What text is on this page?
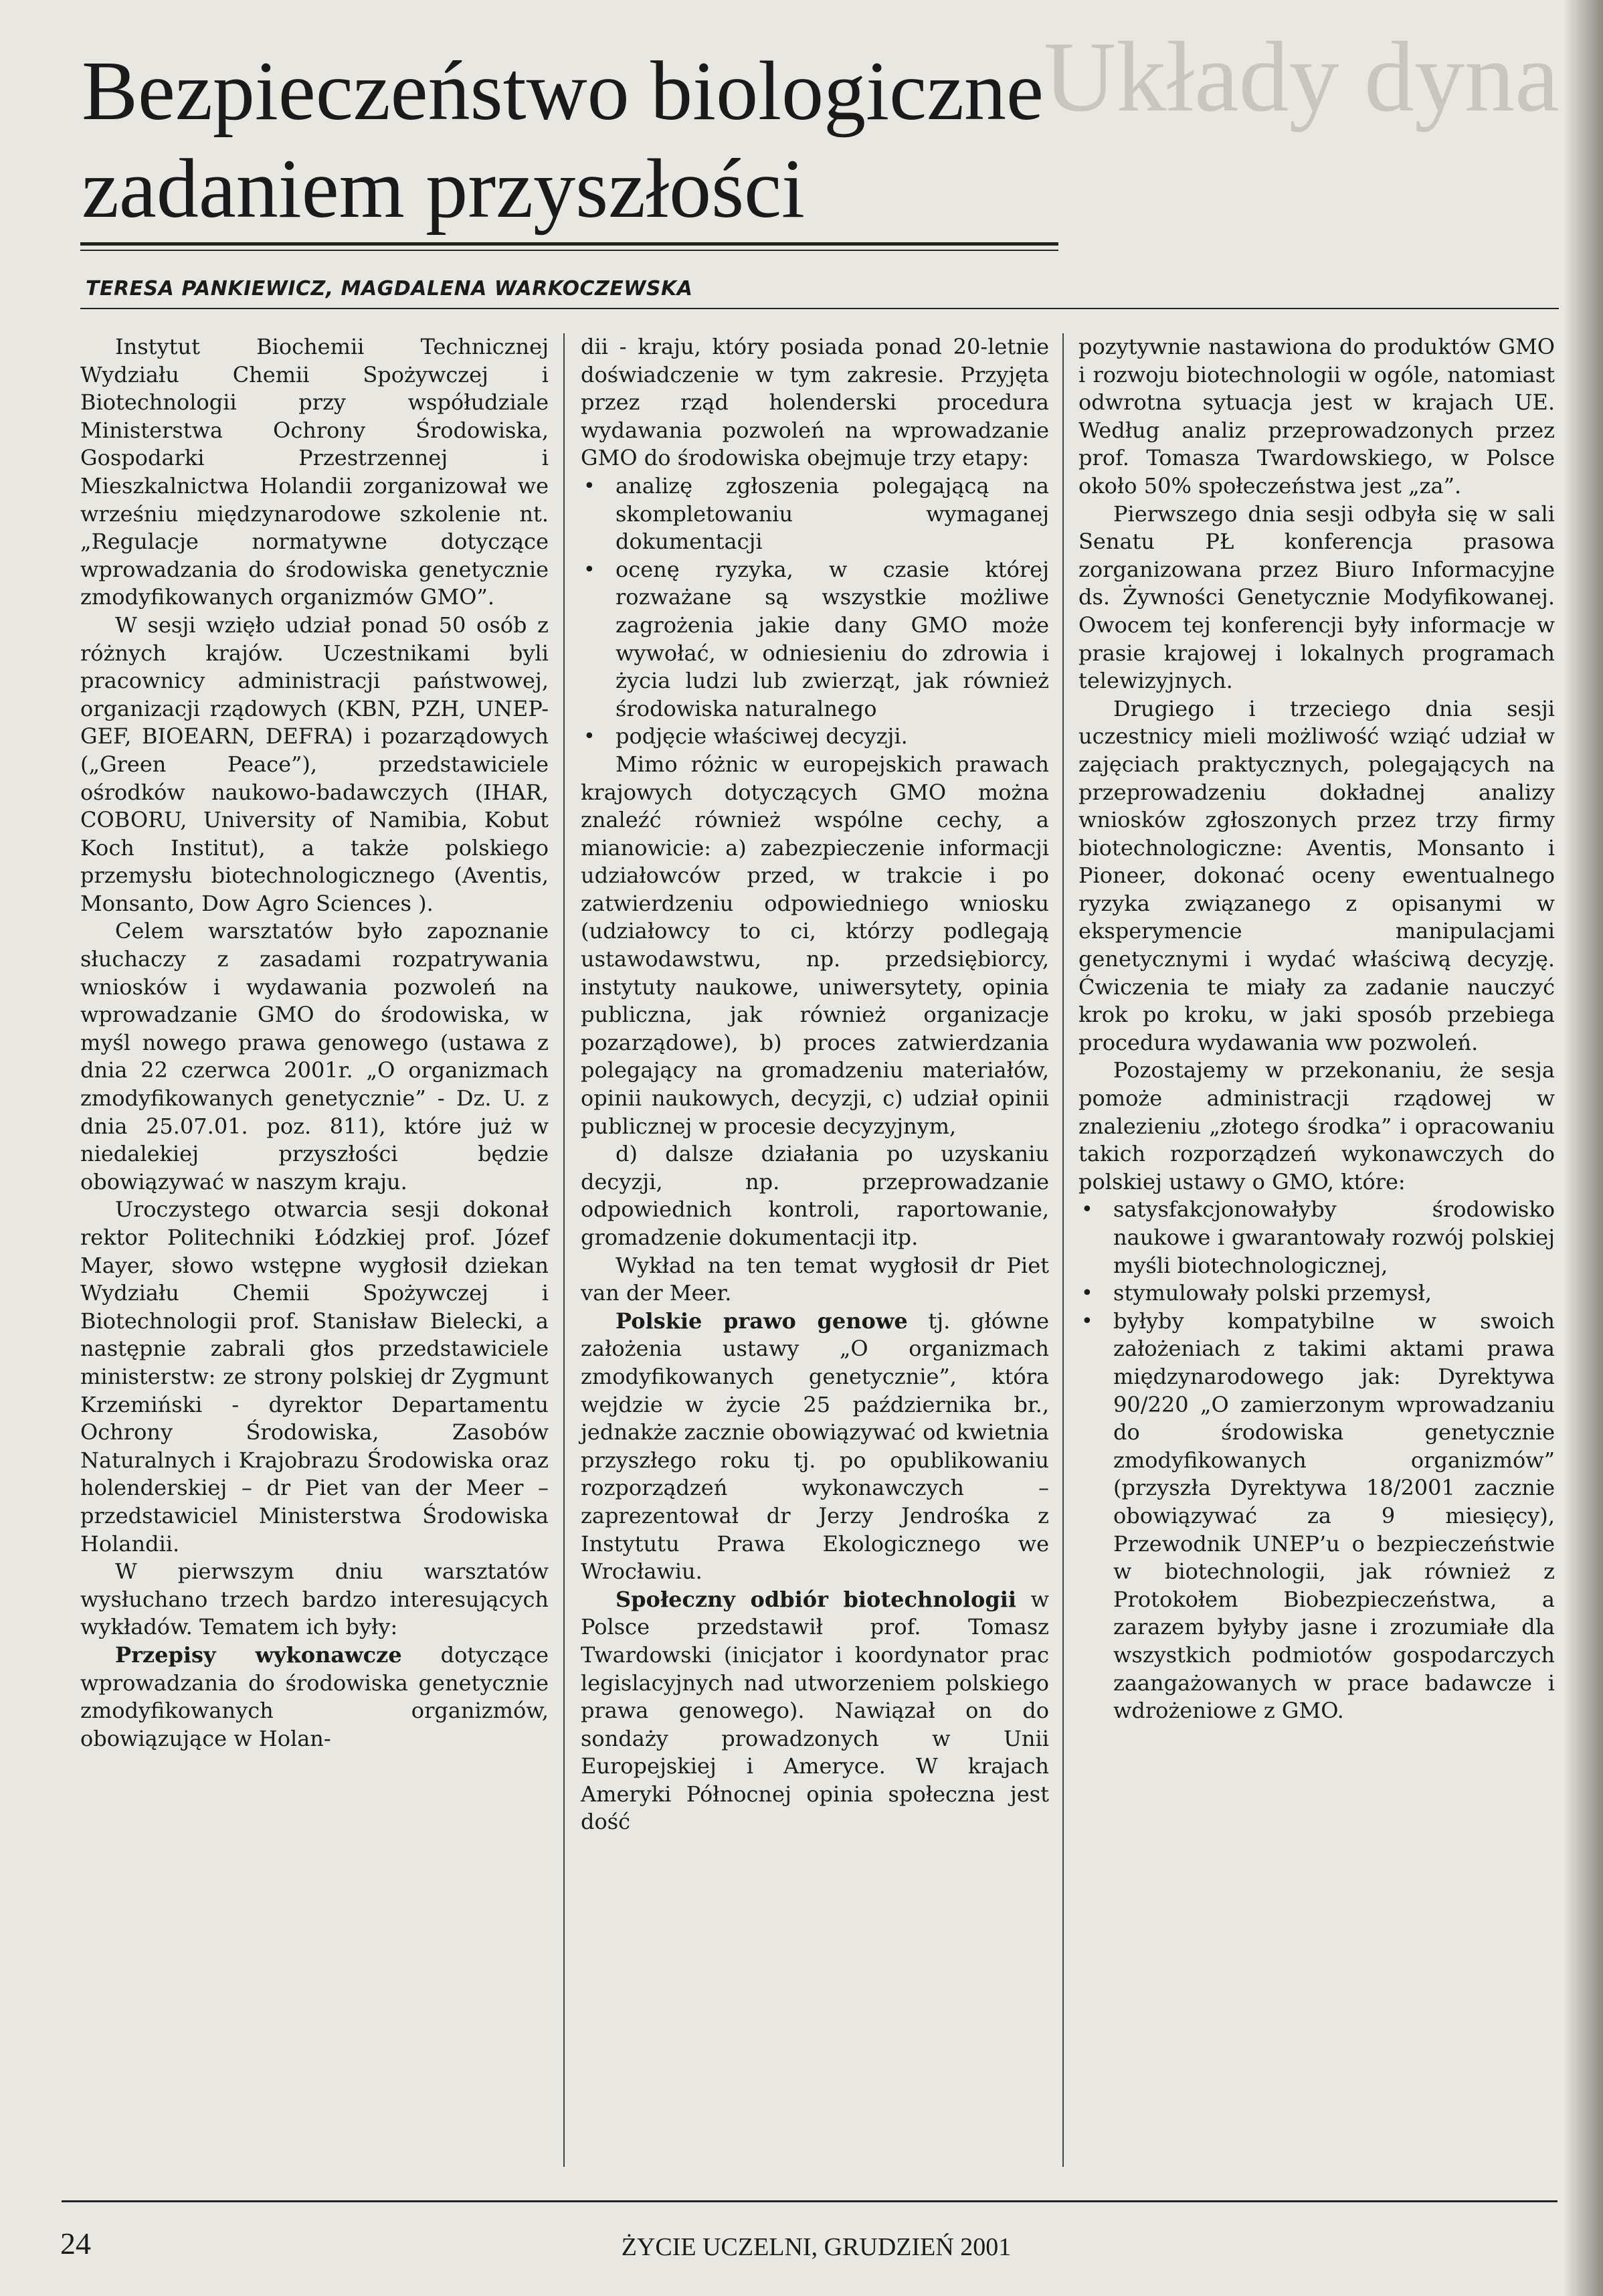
Układy dyna
Bezpieczeństwo biologiczne
zadaniem przyszłości
TERESA PANKIEWICZ, MAGDALENA WARKOCZEWSKA

Instytut Biochemii Technicznej Wydziału Chemii Spożywczej i Biotechnologii przy współudziale Ministerstwa Ochrony Środowiska, Gospodarki Przestrzennej i Mieszkalnictwa Holandii zorganizował we wrześniu międzynarodowe szkolenie nt. „Regulacje normatywne dotyczące wprowadzania do środowiska genetycznie zmodyfikowanych organizmów GMO”.

W sesji wzięło udział ponad 50 osób z różnych krajów. Uczestnikami byli pracownicy administracji państwowej, organizacji rządowych (KBN, PZH, UNEP-GEF, BIOEARN, DEFRA) i pozarządowych („Green Peace”), przedstawiciele ośrodków naukowo-badawczych (IHAR, COBORU, University of Namibia, Kobut Koch Institut), a także polskiego przemysłu biotechnologicznego (Aventis, Monsanto, Dow Agro Sciences ).

Celem warsztatów było zapoznanie słuchaczy z zasadami rozpatrywania wniosków i wydawania pozwoleń na wprowadzanie GMO do środowiska, w myśl nowego prawa genowego (ustawa z dnia 22 czerwca 2001r. „O organizmach zmodyfikowanych genetycznie” - Dz. U. z dnia 25.07.01. poz. 811), które już w niedalekiej przyszłości będzie obowiązywać w naszym kraju.

Uroczystego otwarcia sesji dokonał rektor Politechniki Łódzkiej prof. Józef Mayer, słowo wstępne wygłosił dziekan Wydziału Chemii Spożywczej i Biotechnologii prof. Stanisław Bielecki, a następnie zabrali głos przedstawiciele ministerstw: ze strony polskiej dr Zygmunt Krzemiński - dyrektor Departamentu Ochrony Środowiska, Zasobów Naturalnych i Krajobrazu Środowiska oraz holenderskiej – dr Piet van der Meer – przedstawiciel Ministerstwa Środowiska Holandii.

W pierwszym dniu warsztatów wysłuchano trzech bardzo interesujących wykładów. Tematem ich były:

Przepisy wykonawcze dotyczące wprowadzania do środowiska genetycznie zmodyfikowanych organizmów, obowiązujące w Holan-

dii - kraju, który posiada ponad 20-letnie doświadczenie w tym zakresie. Przyjęta przez rząd holenderski procedura wydawania pozwoleń na wprowadzanie GMO do środowiska obejmuje trzy etapy:

• analizę zgłoszenia polegającą na skompletowaniu wymaganej dokumentacji
• ocenę ryzyka, w czasie której rozważane są wszystkie możliwe zagrożenia jakie dany GMO może wywołać, w odniesieniu do zdrowia i życia ludzi lub zwierząt, jak również środowiska naturalnego
• podjęcie właściwej decyzji.

Mimo różnic w europejskich prawach krajowych dotyczących GMO można znaleźć również wspólne cechy, a mianowicie: a) zabezpieczenie informacji udziałowców przed, w trakcie i po zatwierdzeniu odpowiedniego wniosku (udziałowcy to ci, którzy podlegają ustawodawstwu, np. przedsiębiorcy, instytuty naukowe, uniwersytety, opinia publiczna, jak również organizacje pozarządowe), b) proces zatwierdzania polegający na gromadzeniu materiałów, opinii naukowych, decyzji, c) udział opinii publicznej w procesie decyzyjnym,

d) dalsze działania po uzyskaniu decyzji, np. przeprowadzanie odpowiednich kontroli, raportowanie, gromadzenie dokumentacji itp.

Wykład na ten temat wygłosił dr Piet van der Meer.

Polskie prawo genowe tj. główne założenia ustawy „O organizmach zmodyfikowanych genetycznie”, która wejdzie w życie 25 października br., jednakże zacznie obowiązywać od kwietnia przyszłego roku tj. po opublikowaniu rozporządzeń wykonawczych – zaprezentował dr Jerzy Jendrośka z Instytutu Prawa Ekologicznego we Wrocławiu.

Społeczny odbiór biotechnologii w Polsce przedstawił prof. Tomasz Twardowski (inicjator i koordynator prac legislacyjnych nad utworzeniem polskiego prawa genowego). Nawiązał on do sondaży prowadzonych w Unii Europejskiej i Ameryce. W krajach Ameryki Północnej opinia społeczna jest dość

pozytywnie nastawiona do produktów GMO i rozwoju biotechnologii w ogóle, natomiast odwrotna sytuacja jest w krajach UE. Według analiz przeprowadzonych przez prof. Tomasza Twardowskiego, w Polsce około 50% społeczeństwa jest „za”.

Pierwszego dnia sesji odbyła się w sali Senatu PŁ konferencja prasowa zorganizowana przez Biuro Informacyjne ds. Żywności Genetycznie Modyfikowanej. Owocem tej konferencji były informacje w prasie krajowej i lokalnych programach telewizyjnych.

Drugiego i trzeciego dnia sesji uczestnicy mieli możliwość wziąć udział w zajęciach praktycznych, polegających na przeprowadzeniu dokładnej analizy wniosków zgłoszonych przez trzy firmy biotechnologiczne: Aventis, Monsanto i Pioneer, dokonać oceny ewentualnego ryzyka związanego z opisanymi w eksperymencie manipulacjami genetycznymi i wydać właściwą decyzję. Ćwiczenia te miały za zadanie nauczyć krok po kroku, w jaki sposób przebiega procedura wydawania ww pozwoleń.

Pozostajemy w przekonaniu, że sesja pomoże administracji rządowej w znalezieniu „złotego środka” i opracowaniu takich rozporządzeń wykonawczych do polskiej ustawy o GMO, które:

• satysfakcjonowałyby środowisko naukowe i gwarantowały rozwój polskiej myśli biotechnologicznej,
• stymulowały polski przemysł,
• byłyby kompatybilne w swoich założeniach z takimi aktami prawa międzynarodowego jak: Dyrektywa 90/220 „O zamierzonym wprowadzaniu do środowiska genetycznie zmodyfikowanych organizmów” (przyszła Dyrektywa 18/2001 zacznie obowiązywać za 9 miesięcy), Przewodnik UNEP’u o bezpieczeństwie w biotechnologii, jak również z Protokołem Biobezpieczeństwa, a zarazem byłyby jasne i zrozumiałe dla wszystkich podmiotów gospodarczych zaangażowanych w prace badawcze i wdrożeniowe z GMO.
24	ŻYCIE UCZELNI, GRUDZIEŃ 2001
